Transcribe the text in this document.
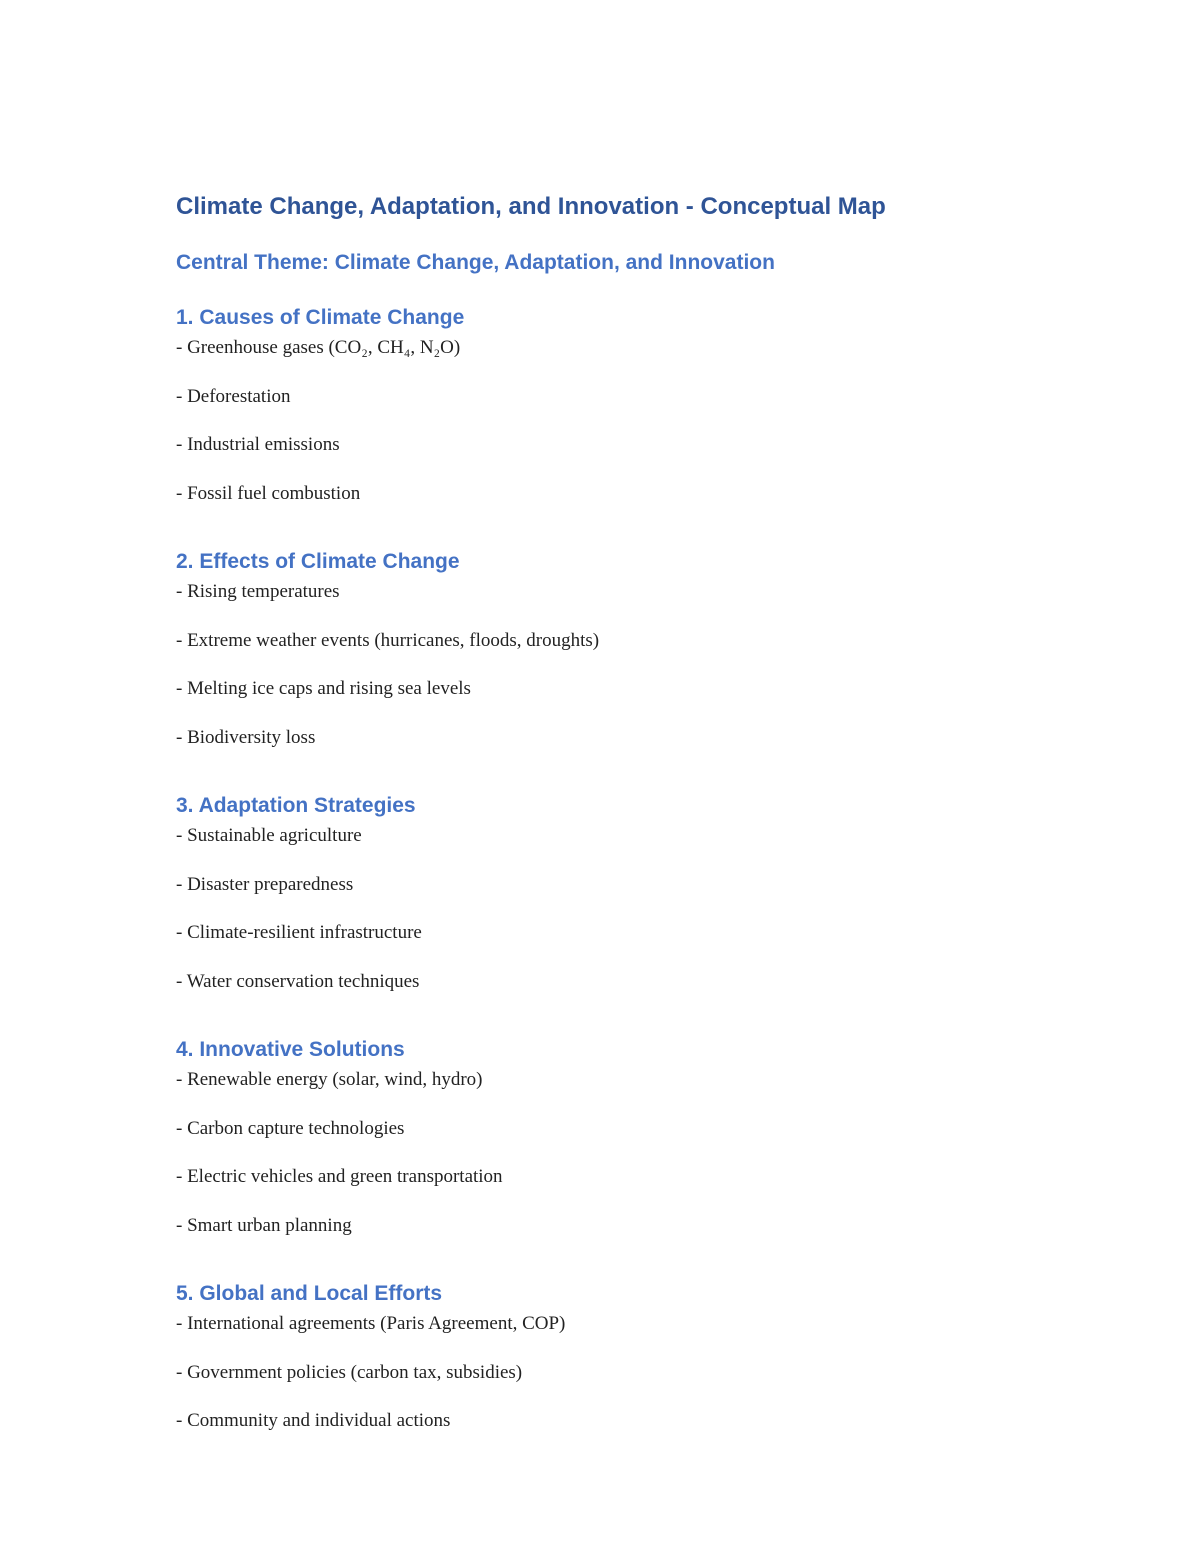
Climate Change, Adaptation, and Innovation - Conceptual Map
Central Theme: Climate Change, Adaptation, and Innovation
1. Causes of Climate Change
- Greenhouse gases (CO₂, CH₄, N₂O)
- Deforestation
- Industrial emissions
- Fossil fuel combustion
2. Effects of Climate Change
- Rising temperatures
- Extreme weather events (hurricanes, floods, droughts)
- Melting ice caps and rising sea levels
- Biodiversity loss
3. Adaptation Strategies
- Sustainable agriculture
- Disaster preparedness
- Climate-resilient infrastructure
- Water conservation techniques
4. Innovative Solutions
- Renewable energy (solar, wind, hydro)
- Carbon capture technologies
- Electric vehicles and green transportation
- Smart urban planning
5. Global and Local Efforts
- International agreements (Paris Agreement, COP)
- Government policies (carbon tax, subsidies)
- Community and individual actions
